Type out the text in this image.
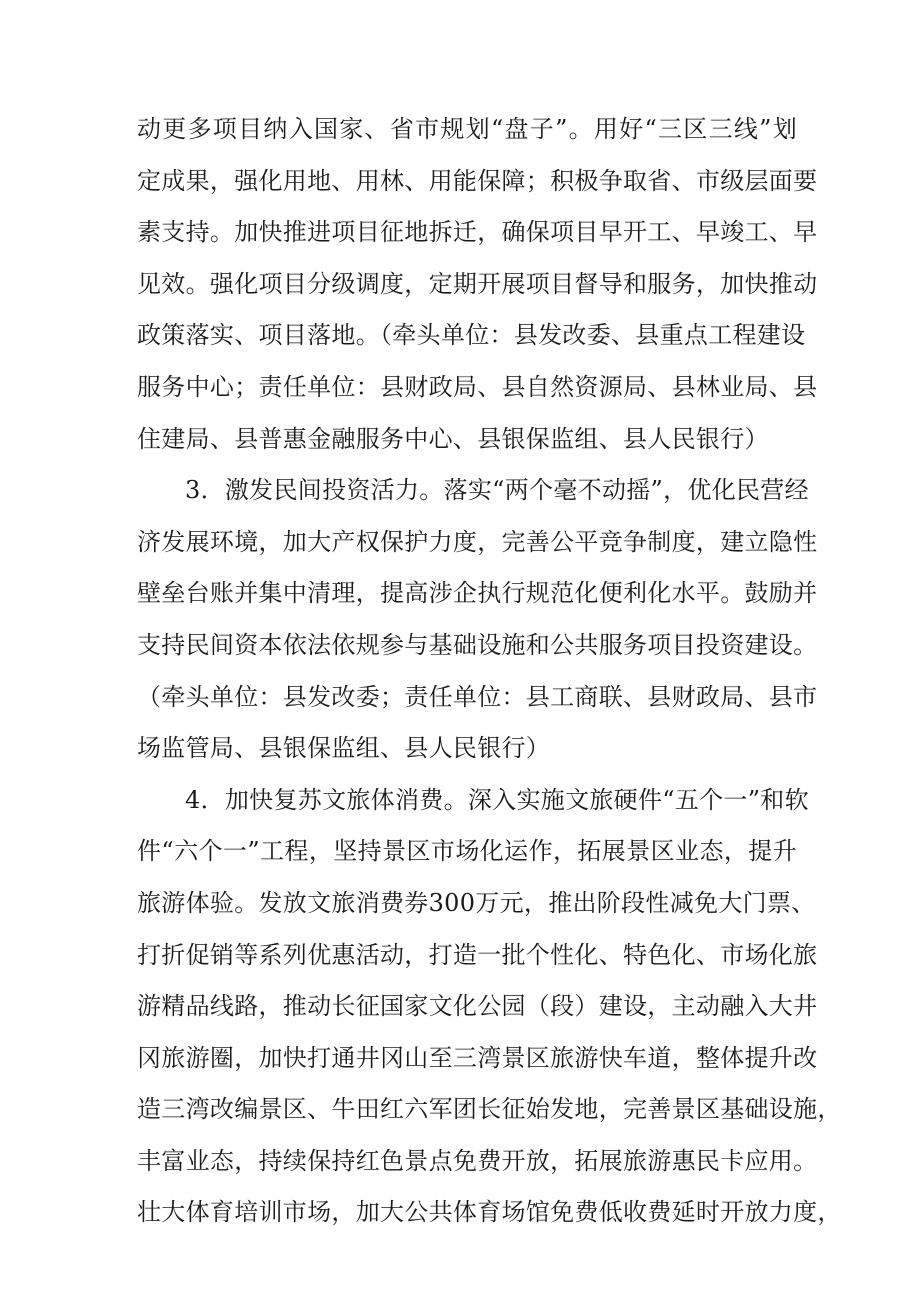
动更多项目纳入国家、省市规划“盘子”。用好“三区三线”划
定成果，强化用地、用林、用能保障；积极争取省、市级层面要
素支持。加快推进项目征地拆迁，确保项目早开工、早竣工、早
见效。强化项目分级调度，定期开展项目督导和服务，加快推动
政策落实、项目落地。（牵头单位：县发改委、县重点工程建设
服务中心；责任单位：县财政局、县自然资源局、县林业局、县
住建局、县普惠金融服务中心、县银保监组、县人民银行）
3．激发民间投资活力。落实“两个毫不动摇”，优化民营经
济发展环境，加大产权保护力度，完善公平竞争制度，建立隐性
壁垒台账并集中清理，提高涉企执行规范化便利化水平。鼓励并
支持民间资本依法依规参与基础设施和公共服务项目投资建设。
（牵头单位：县发改委；责任单位：县工商联、县财政局、县市
场监管局、县银保监组、县人民银行）
4．加快复苏文旅体消费。深入实施文旅硬件“五个一”和软
件“六个一”工程，坚持景区市场化运作，拓展景区业态，提升
旅游体验。发放文旅消费券300万元，推出阶段性减免大门票、
打折促销等系列优惠活动，打造一批个性化、特色化、市场化旅
游精品线路，推动长征国家文化公园（段）建设，主动融入大井
冈旅游圈，加快打通井冈山至三湾景区旅游快车道，整体提升改
造三湾改编景区、牛田红六军团长征始发地，完善景区基础设施，
丰富业态，持续保持红色景点免费开放，拓展旅游惠民卡应用。
壮大体育培训市场，加大公共体育场馆免费低收费延时开放力度，
